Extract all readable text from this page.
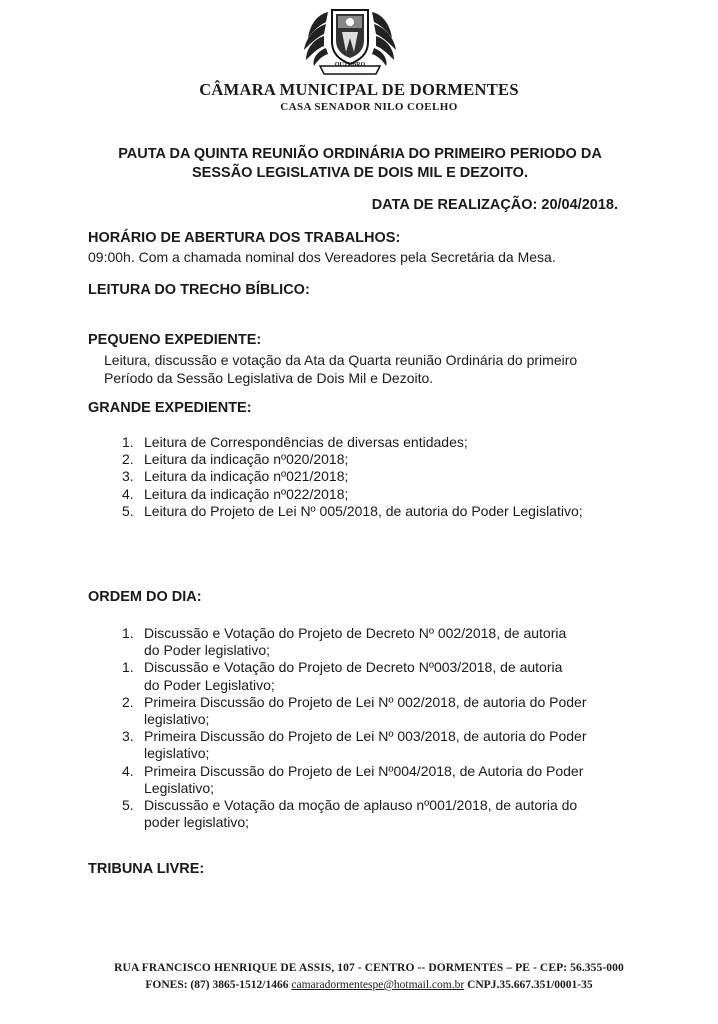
OUTUBRO
CÂMARA MUNICIPAL DE DORMENTES
CASA SENADOR NILO COELHO
PAUTA DA QUINTA REUNIÃO ORDINÁRIA DO PRIMEIRO PERIODO DA
SESSÃO LEGISLATIVA DE DOIS MIL E DEZOITO.
DATA DE REALIZAÇÃO: 20/04/2018.
HORÁRIO DE ABERTURA DOS TRABALHOS:
09:00h. Com a chamada nominal dos Vereadores pela Secretária da Mesa.
LEITURA DO TRECHO BÍBLICO:
PEQUENO EXPEDIENTE:
Leitura, discussão e votação da Ata da Quarta reunião Ordinária do primeiro
Período da Sessão Legislativa de Dois Mil e Dezoito.
GRANDE EXPEDIENTE:
1. Leitura de Correspondências de diversas entidades;
2. Leitura da indicação nº020/2018;
3. Leitura da indicação nº021/2018;
4. Leitura da indicação nº022/2018;
5. Leitura do Projeto de Lei Nº 005/2018, de autoria do Poder Legislativo;
ORDEM DO DIA:
1. Discussão e Votação do Projeto de Decreto Nº 002/2018, de autoria
do Poder legislativo;
1. Discussão e Votação do Projeto de Decreto Nº003/2018, de autoria
do Poder Legislativo;
2. Primeira Discussão do Projeto de Lei Nº 002/2018, de autoria do Poder
legislativo;
3. Primeira Discussão do Projeto de Lei Nº 003/2018, de autoria do Poder
legislativo;
4. Primeira Discussão do Projeto de Lei Nº004/2018, de Autoria do Poder
Legislativo;
5. Discussão e Votação da moção de aplauso nº001/2018, de autoria do
poder legislativo;
TRIBUNA LIVRE:
RUA FRANCISCO HENRIQUE DE ASSIS, 107 - CENTRO -- DORMENTES – PE - CEP: 56.355-000
FONES: (87) 3865-1512/1466 camaradormentespe@hotmail.com.br CNPJ.35.667.351/0001-35
